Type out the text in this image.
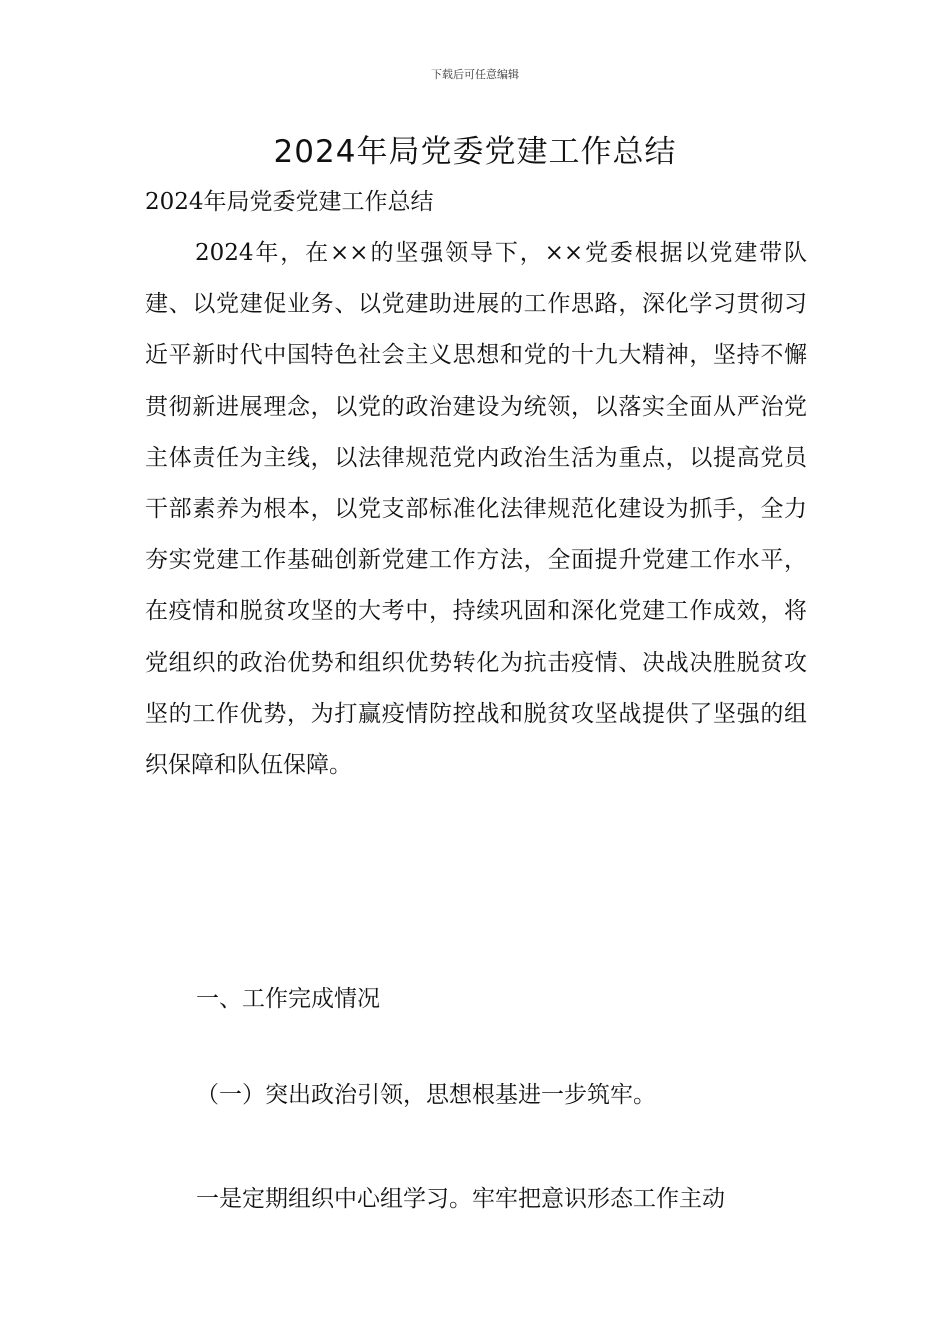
下载后可任意编辑
2024年局党委党建工作总结
2024年局党委党建工作总结

2024年，在××的坚强领导下，××党委根据以党建带队建、以党建促业务、以党建助进展的工作思路，深化学习贯彻习近平新时代中国特色社会主义思想和党的十九大精神，坚持不懈贯彻新进展理念，以党的政治建设为统领，以落实全面从严治党主体责任为主线，以法律规范党内政治生活为重点，以提高党员干部素养为根本，以党支部标准化法律规范化建设为抓手，全力夯实党建工作基础创新党建工作方法，全面提升党建工作水平，在疫情和脱贫攻坚的大考中，持续巩固和深化党建工作成效，将党组织的政治优势和组织优势转化为抗击疫情、决战决胜脱贫攻坚的工作优势，为打赢疫情防控战和脱贫攻坚战提供了坚强的组织保障和队伍保障。

一、工作完成情况
（一）突出政治引领，思想根基进一步筑牢。
一是定期组织中心组学习。牢牢把意识形态工作主动
